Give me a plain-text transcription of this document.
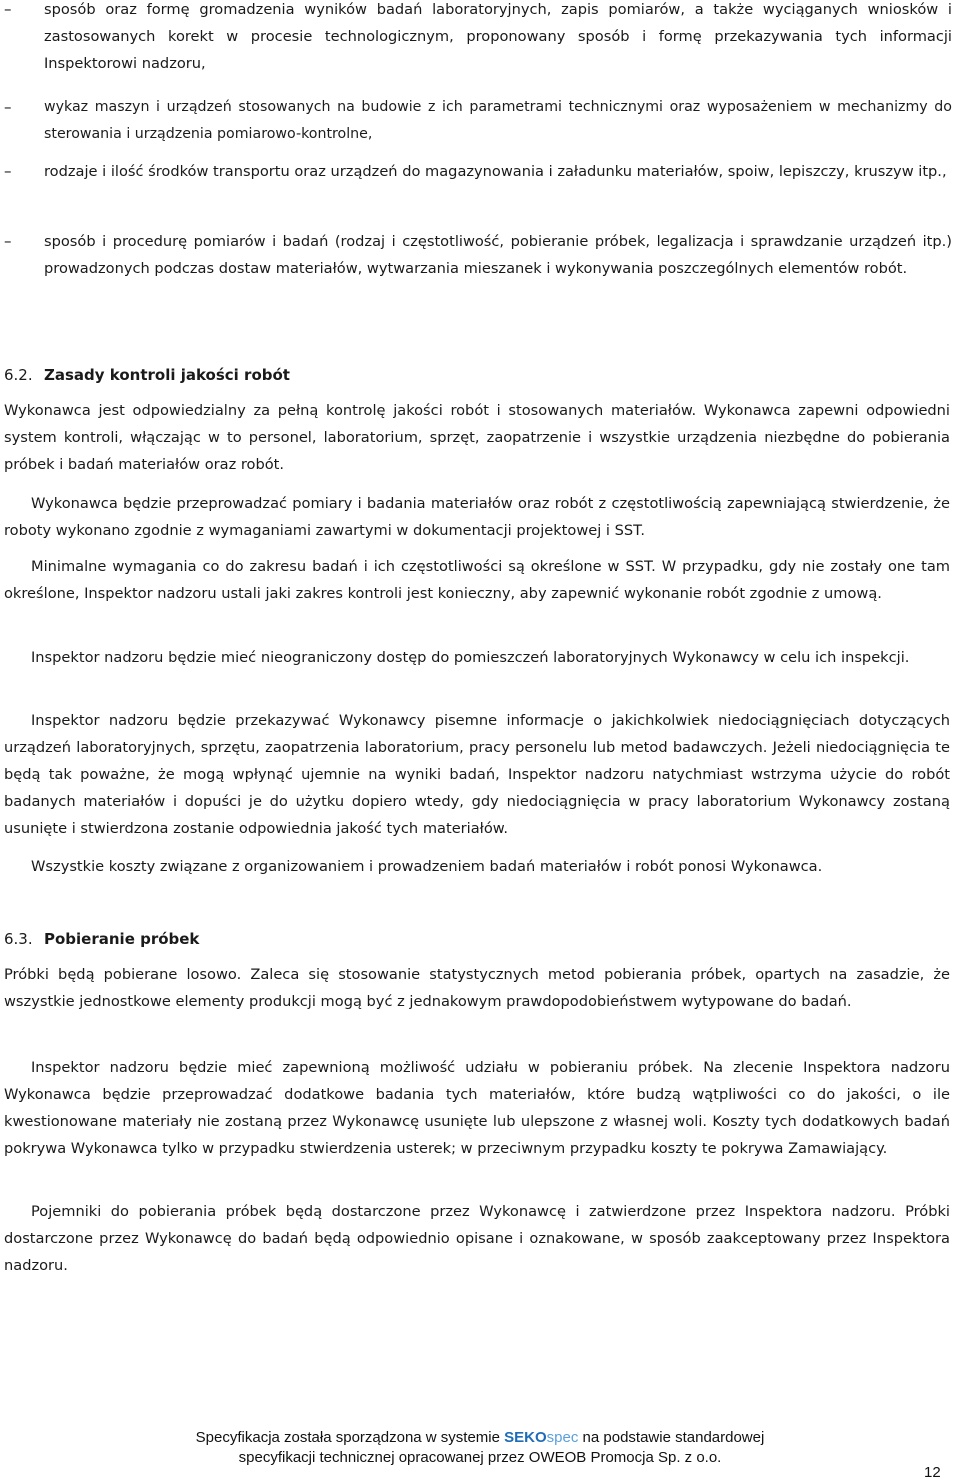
–	sposób oraz formę gromadzenia wyników badań laboratoryjnych, zapis pomiarów, a także wyciąganych wniosków i zastosowanych korekt w procesie technologicznym, proponowany sposób i formę przekazywania tych informacji Inspektorowi nadzoru,

–	wykaz maszyn i urządzeń stosowanych na budowie z ich parametrami technicznymi oraz wyposażeniem w mechanizmy do sterowania i urządzenia pomiarowo-kontrolne,

–	rodzaje i ilość środków transportu oraz urządzeń do magazynowania i załadunku materiałów, spoiw, lepiszczy, kruszyw itp.,

–	sposób i procedurę pomiarów i badań (rodzaj i częstotliwość, pobieranie próbek, legalizacja i sprawdzanie urządzeń itp.) prowadzonych podczas dostaw materiałów, wytwarzania mieszanek i wykonywania poszczególnych elementów robót.

6.2. Zasady kontroli jakości robót

Wykonawca jest odpowiedzialny za pełną kontrolę jakości robót i stosowanych materiałów. Wykonawca zapewni odpowiedni system kontroli, włączając w to personel, laboratorium, sprzęt, zaopatrzenie i wszystkie urządzenia niezbędne do pobierania próbek i badań materiałów oraz robót.

Wykonawca będzie przeprowadzać pomiary i badania materiałów oraz robót z częstotliwością zapewniającą stwierdzenie, że roboty wykonano zgodnie z wymaganiami zawartymi w dokumentacji projektowej i SST.

Minimalne wymagania co do zakresu badań i ich częstotliwości są określone w SST. W przypadku, gdy nie zostały one tam określone, Inspektor nadzoru ustali jaki zakres kontroli jest konieczny, aby zapewnić wykonanie robót zgodnie z umową.

Inspektor nadzoru będzie mieć nieograniczony dostęp do pomieszczeń laboratoryjnych Wykonawcy w celu ich inspekcji.

Inspektor nadzoru będzie przekazywać Wykonawcy pisemne informacje o jakichkolwiek niedociągnięciach dotyczących urządzeń laboratoryjnych, sprzętu, zaopatrzenia laboratorium, pracy personelu lub metod badawczych. Jeżeli niedociągnięcia te będą tak poważne, że mogą wpłynąć ujemnie na wyniki badań, Inspektor nadzoru natychmiast wstrzyma użycie do robót badanych materiałów i dopuści je do użytku dopiero wtedy, gdy niedociągnięcia w pracy laboratorium Wykonawcy zostaną usunięte i stwierdzona zostanie odpowiednia jakość tych materiałów.

Wszystkie koszty związane z organizowaniem i prowadzeniem badań materiałów i robót ponosi Wykonawca.

6.3. Pobieranie próbek

Próbki będą pobierane losowo. Zaleca się stosowanie statystycznych metod pobierania próbek, opartych na zasadzie, że wszystkie jednostkowe elementy produkcji mogą być z jednakowym prawdopodobieństwem wytypowane do badań.

Inspektor nadzoru będzie mieć zapewnioną możliwość udziału w pobieraniu próbek. Na zlecenie Inspektora nadzoru Wykonawca będzie przeprowadzać dodatkowe badania tych materiałów, które budzą wątpliwości co do jakości, o ile kwestionowane materiały nie zostaną przez Wykonawcę usunięte lub ulepszone z własnej woli. Koszty tych dodatkowych badań pokrywa Wykonawca tylko w przypadku stwierdzenia usterek; w przeciwnym przypadku koszty te pokrywa Zamawiający.

Pojemniki do pobierania próbek będą dostarczone przez Wykonawcę i zatwierdzone przez Inspektora nadzoru. Próbki dostarczone przez Wykonawcę do badań będą odpowiednio opisane i oznakowane, w sposób zaakceptowany przez Inspektora nadzoru.

Specyfikacja została sporządzona w systemie SEKOspec na podstawie standardowej
specyfikacji technicznej opracowanej przez OWEOB Promocja Sp. z o.o.
12
